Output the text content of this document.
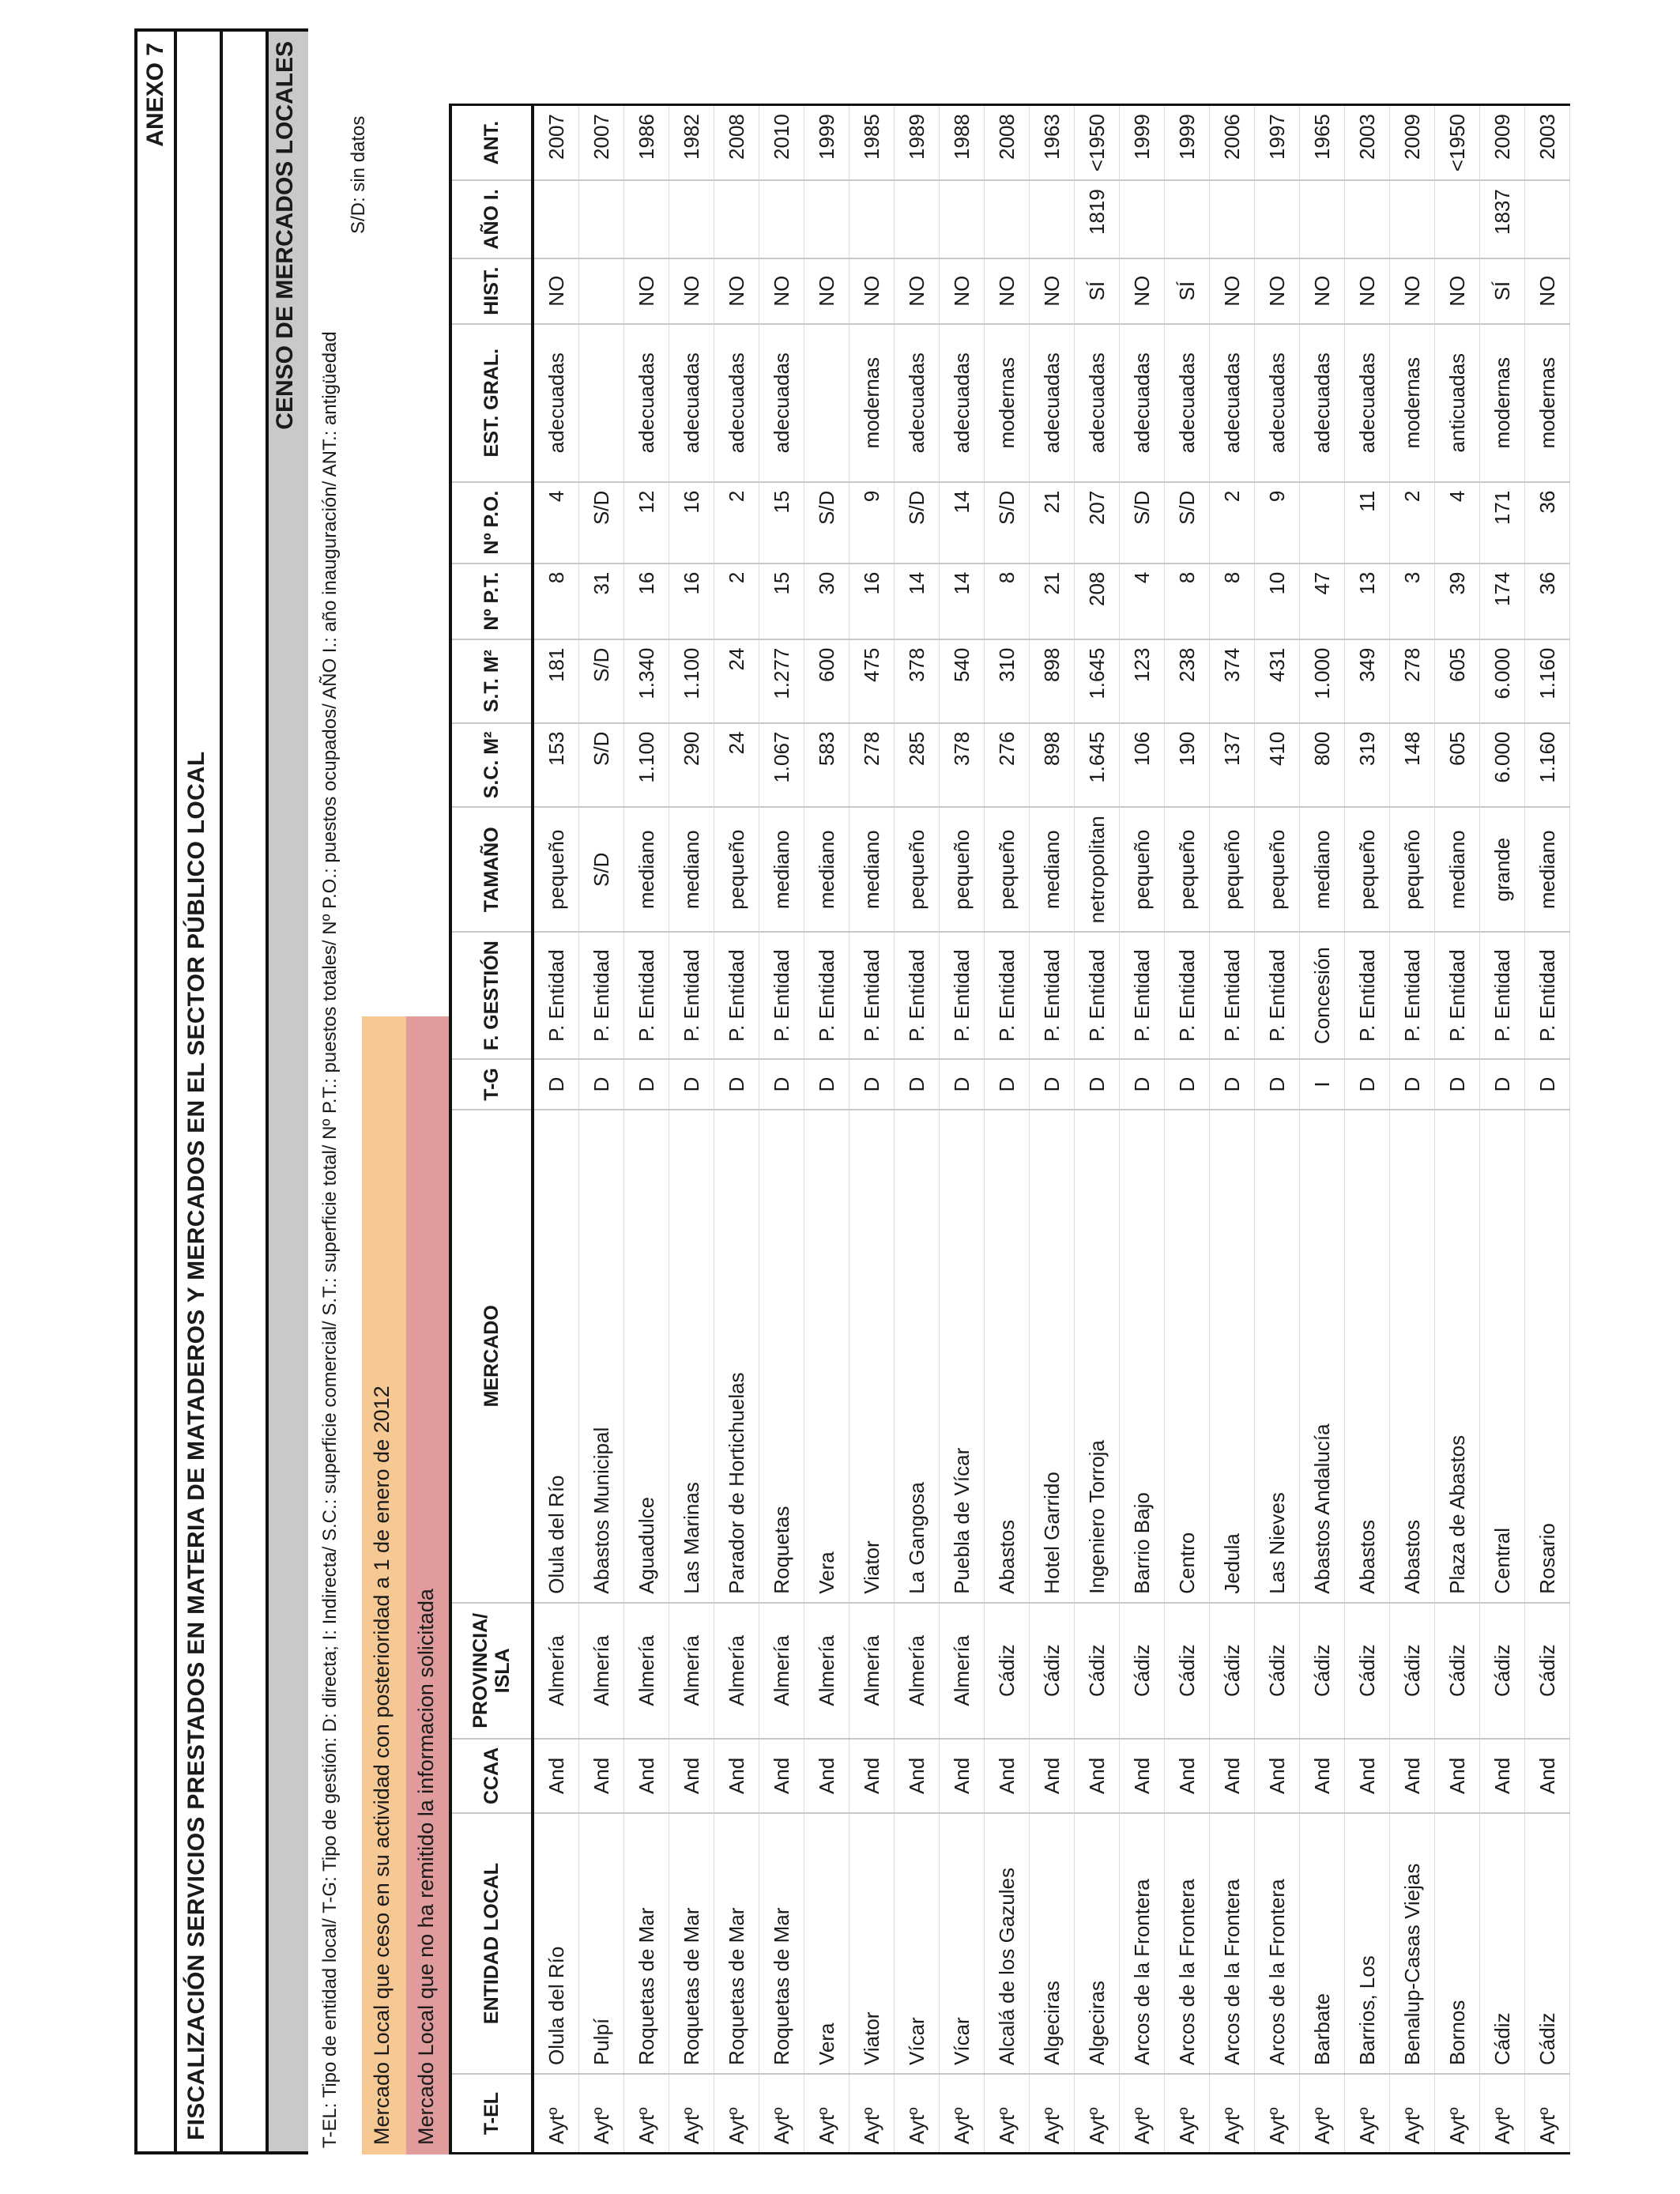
ANEXO 7
FISCALIZACIÓN SERVICIOS PRESTADOS EN MATERIA DE MATADEROS Y MERCADOS EN EL SECTOR PÚBLICO LOCAL
CENSO DE MERCADOS LOCALES
T-EL: Tipo de entidad local/ T-G: Tipo de gestión: D: directa; I: Indirecta/ S.C.: superficie comercial/ S.T.: superficie total/ Nº P.T.: puestos totales/ Nº P.O.: puestos ocupados/ AÑO I.: año inauguración/ ANT.: antigüedad
S/D: sin datos
Mercado Local que ceso en su actividad con posterioridad a 1 de enero de 2012 Mercado Local que no ha remitido la informacion solicitada	T-EL	ENTIDAD LOCAL	CCAA	PROVINCIA/
ISLA	MERCADO	T-G	F. GESTIÓN	TAMAÑO	S.C. M²	S.T. M²	Nº P.T.	Nº P.O.	EST. GRAL.	HIST.	AÑO I.	ANT.
Aytº	Olula del Río	And	Almería	Olula del Río	D	P. Entidad	pequeño	153	181	8	4	adecuadas	NO		2007
Aytº	Pulpí	And	Almería	Abastos Municipal	D	P. Entidad	S/D	S/D	S/D	31	S/D				2007
Aytº	Roquetas de Mar	And	Almería	Aguadulce	D	P. Entidad	mediano	1.100	1.340	16	12	adecuadas	NO		1986
Aytº	Roquetas de Mar	And	Almería	Las Marinas	D	P. Entidad	mediano	290	1.100	16	16	adecuadas	NO		1982
Aytº	Roquetas de Mar	And	Almería	Parador de Hortichuelas	D	P. Entidad	pequeño	24	24	2	2	adecuadas	NO		2008
Aytº	Roquetas de Mar	And	Almería	Roquetas	D	P. Entidad	mediano	1.067	1.277	15	15	adecuadas	NO		2010
Aytº	Vera	And	Almería	Vera	D	P. Entidad	mediano	583	600	30	S/D		NO		1999
Aytº	Viator	And	Almería	Viator	D	P. Entidad	mediano	278	475	16	9	modernas	NO		1985
Aytº	Vícar	And	Almería	La Gangosa	D	P. Entidad	pequeño	285	378	14	S/D	adecuadas	NO		1989
Aytº	Vícar	And	Almería	Puebla de Vícar	D	P. Entidad	pequeño	378	540	14	14	adecuadas	NO		1988
Aytº	Alcalá de los Gazules	And	Cádiz	Abastos	D	P. Entidad	pequeño	276	310	8	S/D	modernas	NO		2008
Aytº	Algeciras	And	Cádiz	Hotel Garrido	D	P. Entidad	mediano	898	898	21	21	adecuadas	NO		1963
Aytº	Algeciras	And	Cádiz	Ingeniero Torroja	D	P. Entidad	netropolitan	1.645	1.645	208	207	adecuadas	SÍ	1819	<1950
Aytº	Arcos de la Frontera	And	Cádiz	Barrio Bajo	D	P. Entidad	pequeño	106	123	4	S/D	adecuadas	NO		1999
Aytº	Arcos de la Frontera	And	Cádiz	Centro	D	P. Entidad	pequeño	190	238	8	S/D	adecuadas	SÍ		1999
Aytº	Arcos de la Frontera	And	Cádiz	Jedula	D	P. Entidad	pequeño	137	374	8	2	adecuadas	NO		2006
Aytº	Arcos de la Frontera	And	Cádiz	Las Nieves	D	P. Entidad	pequeño	410	431	10	9	adecuadas	NO		1997
Aytº	Barbate	And	Cádiz	Abastos Andalucía	I	Concesión	mediano	800	1.000	47		adecuadas	NO		1965
Aytº	Barrios, Los	And	Cádiz	Abastos	D	P. Entidad	pequeño	319	349	13	11	adecuadas	NO		2003
Aytº	Benalup-Casas Viejas	And	Cádiz	Abastos	D	P. Entidad	pequeño	148	278	3	2	modernas	NO		2009
Aytº	Bornos	And	Cádiz	Plaza de Abastos	D	P. Entidad	mediano	605	605	39	4	anticuadas	NO		<1950
Aytº	Cádiz	And	Cádiz	Central	D	P. Entidad	grande	6.000	6.000	174	171	modernas	SÍ	1837	2009
Aytº	Cádiz	And	Cádiz	Rosario	D	P. Entidad	mediano	1.160	1.160	36	36	modernas	NO		2003
